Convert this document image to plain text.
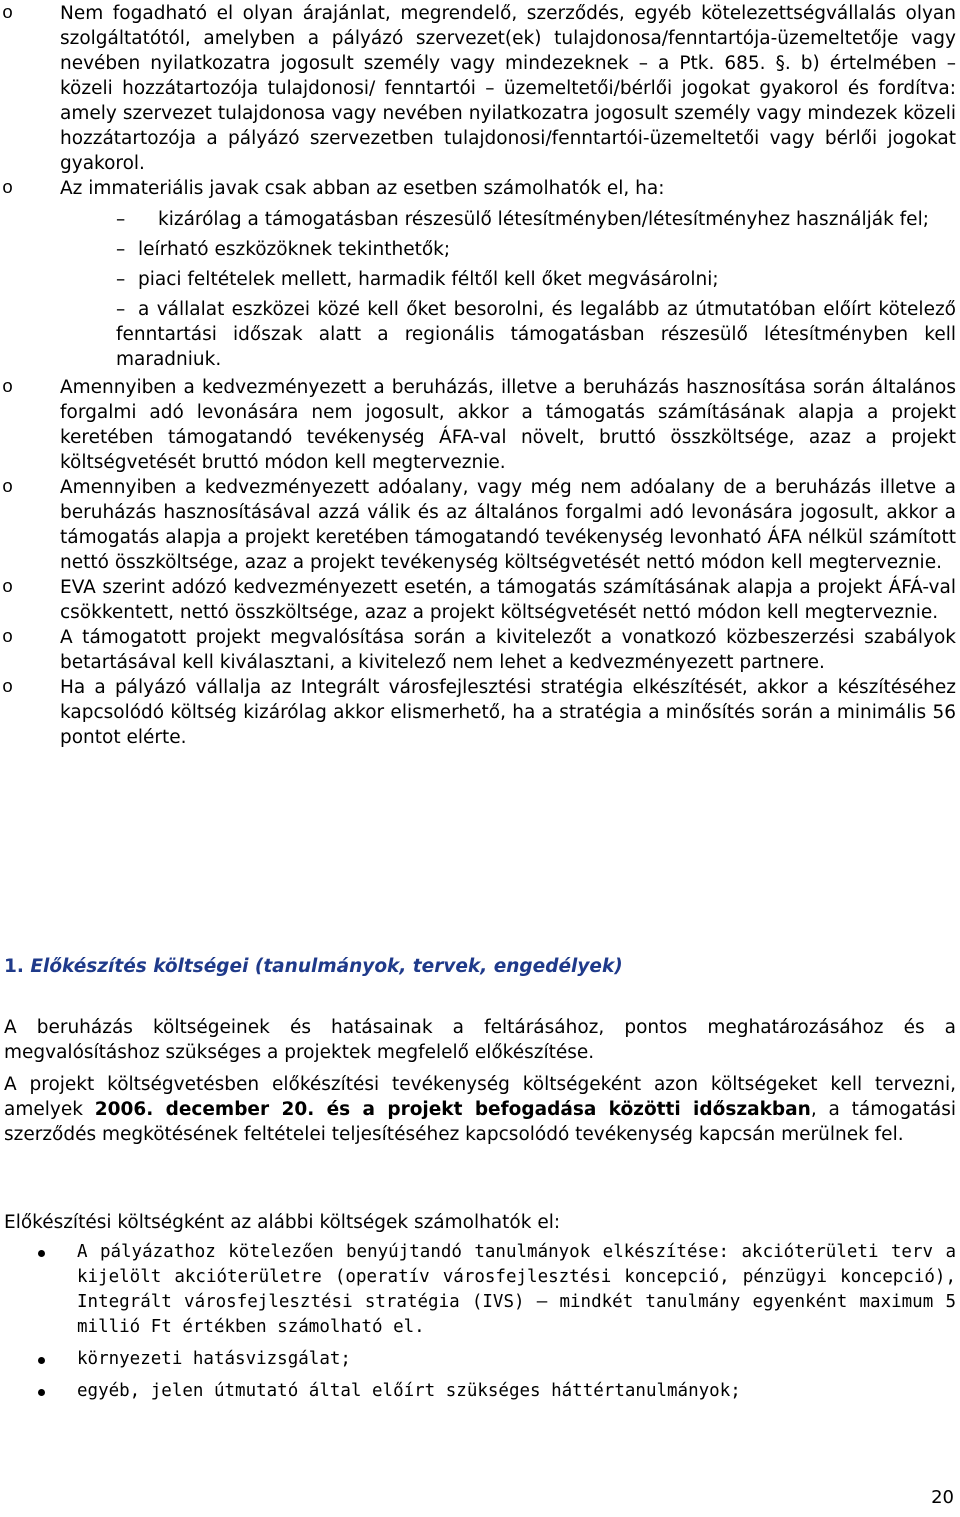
o	Nem fogadható el olyan árajánlat, megrendelő, szerződés, egyéb kötelezettségvállalás olyan szolgáltatótól, amelyben a pályázó szervezet(ek) tulajdonosa/fenntartója-üzemeltetője vagy nevében nyilatkozatra jogosult személy vagy mindezeknek – a Ptk. 685. §. b) értelmében – közeli hozzátartozója tulajdonosi/ fenntartói – üzemeltetői/bérlői jogokat gyakorol és fordítva: amely szervezet tulajdonosa vagy nevében nyilatkozatra jogosult személy vagy mindezek közeli hozzátartozója a pályázó szervezetben tulajdonosi/fenntartói-üzemeltetői vagy bérlői jogokat gyakorol.
o	Az immateriális javak csak abban az esetben számolhatók el, ha:
– kizárólag a támogatásban részesülő létesítményben/létesítményhez használják fel;
– leírható eszközöknek tekinthetők;
– piaci feltételek mellett, harmadik féltől kell őket megvásárolni;
– a vállalat eszközei közé kell őket besorolni, és legalább az útmutatóban előírt kötelező fenntartási időszak alatt a regionális támogatásban részesülő létesítményben kell maradniuk.
o	Amennyiben a kedvezményezett a beruházás, illetve a beruházás hasznosítása során általános forgalmi adó levonására nem jogosult, akkor a támogatás számításának alapja a projekt keretében támogatandó tevékenység ÁFA-val növelt, bruttó összköltsége, azaz a projekt költségvetését bruttó módon kell megterveznie.
o	Amennyiben a kedvezményezett adóalany, vagy még nem adóalany de a beruházás illetve a beruházás hasznosításával azzá válik és az általános forgalmi adó levonására jogosult, akkor a támogatás alapja a projekt keretében támogatandó tevékenység levonható ÁFA nélkül számított nettó összköltsége, azaz a projekt tevékenység költségvetését nettó módon kell megterveznie.
o	EVA szerint adózó kedvezményezett esetén, a támogatás számításának alapja a projekt ÁFÁ-val csökkentett, nettó összköltsége, azaz a projekt költségvetését nettó módon kell megterveznie.
o	A támogatott projekt megvalósítása során a kivitelezőt a vonatkozó közbeszerzési szabályok betartásával kell kiválasztani, a kivitelező nem lehet a kedvezményezett partnere.
o	Ha a pályázó vállalja az Integrált városfejlesztési stratégia elkészítését, akkor a készítéséhez kapcsolódó költség kizárólag akkor elismerhető, ha a stratégia a minősítés során a minimális 56 pontot elérte.
1. Előkészítés költségei (tanulmányok, tervek, engedélyek)

A beruházás költségeinek és hatásainak a feltárásához, pontos meghatározásához és a megvalósításhoz szükséges a projektek megfelelő előkészítése.

A projekt költségvetésben előkészítési tevékenység költségeként azon költségeket kell tervezni, amelyek 2006. december 20. és a projekt befogadása közötti időszakban, a támogatási szerződés megkötésének feltételei teljesítéséhez kapcsolódó tevékenység kapcsán merülnek fel.

Előkészítési költségként az alábbi költségek számolhatók el:

A pályázathoz kötelezően benyújtandó tanulmányok elkészítése: akcióterületi terv a kijelölt akcióterületre (operatív városfejlesztési koncepció, pénzügyi koncepció), Integrált városfejlesztési stratégia (IVS) – mindkét tanulmány egyenként maximum 5 millió Ft értékben számolható el.
környezeti hatásvizsgálat;
egyéb, jelen útmutató által előírt szükséges háttértanulmányok;
20
